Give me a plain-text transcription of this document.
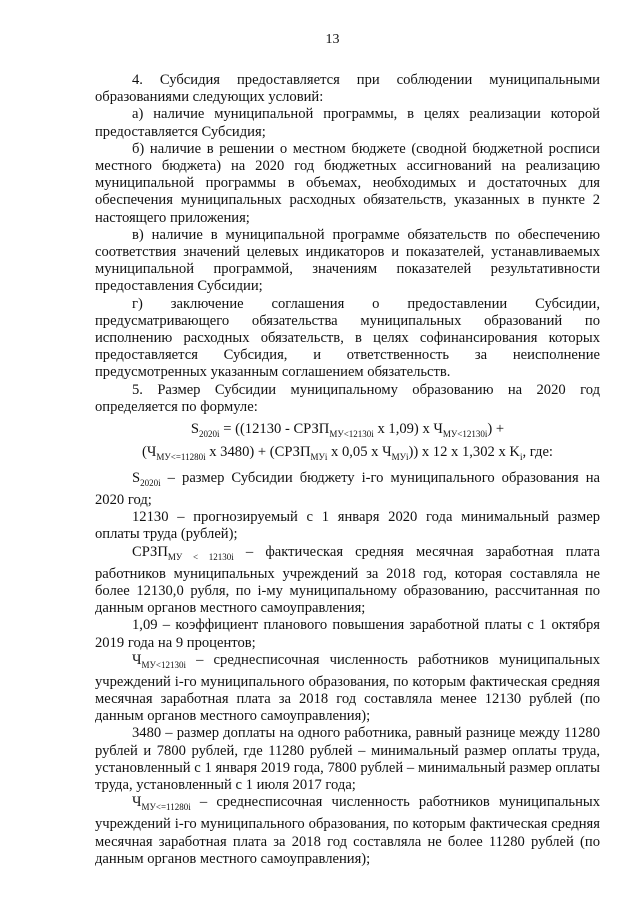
13

4. Субсидия предоставляется при соблюдении муниципальными образованиями следующих условий:

а) наличие муниципальной программы, в целях реализации которой предоставляется Субсидия;

б) наличие в решении о местном бюджете (сводной бюджетной росписи местного бюджета) на 2020 год бюджетных ассигнований на реализацию муниципальной программы в объемах, необходимых и достаточных для обеспечения муниципальных расходных обязательств, указанных в пункте 2 настоящего приложения;

в) наличие в муниципальной программе обязательств по обеспечению соответствия значений целевых индикаторов и показателей, устанавливаемых муниципальной программой, значениям показателей результативности предоставления Субсидии;

г) заключение соглашения о предоставлении Субсидии, предусматривающего обязательства муниципальных образований по исполнению расходных обязательств, в целях софинансирования которых предоставляется Субсидия, и ответственность за неисполнение предусмотренных указанным соглашением обязательств.

5. Размер Субсидии муниципальному образованию на 2020 год определяется по формуле:

$S_{2020i} = ((12130$ - $СРЗП_{МУ<12130i}$ x 1,09) x $Ч_{МУ<12130i}$) +
($Ч_{МУ<=11280i}$ x $3480) + (СРЗП_{МУi}$ x 0,05 x $Ч_{МУi}$)) x 12 x 1,302 x $K_i$, где:

$S_{2020i}$ – размер Субсидии бюджету i-го муниципального образования на 2020 год;

12130 – прогнозируемый с 1 января 2020 года минимальный размер оплаты труда (рублей);

$СРЗП_{МУ < 12130i}$ – фактическая средняя месячная заработная плата работников муниципальных учреждений за 2018 год, которая составляла не более 12130,0 рубля, по i-му муниципальному образованию, рассчитанная по данным органов местного самоуправления;

1,09 – коэффициент планового повышения заработной платы с 1 октября 2019 года на 9 процентов;

$Ч_{МУ<12130i}$ – среднесписочная численность работников муниципальных учреждений i-го муниципального образования, по которым фактическая средняя месячная заработная плата за 2018 год составляла менее 12130 рублей (по данным органов местного самоуправления);

3480 – размер доплаты на одного работника, равный разнице между 11280 рублей и 7800 рублей, где 11280 рублей – минимальный размер оплаты труда, установленный с 1 января 2019 года, 7800 рублей – минимальный размер оплаты труда, установленный с 1 июля 2017 года;

$Ч_{МУ<=11280i}$ – среднесписочная численность работников муниципальных учреждений i-го муниципального образования, по которым фактическая средняя месячная заработная плата за 2018 год составляла не более 11280 рублей (по данным органов местного самоуправления);
